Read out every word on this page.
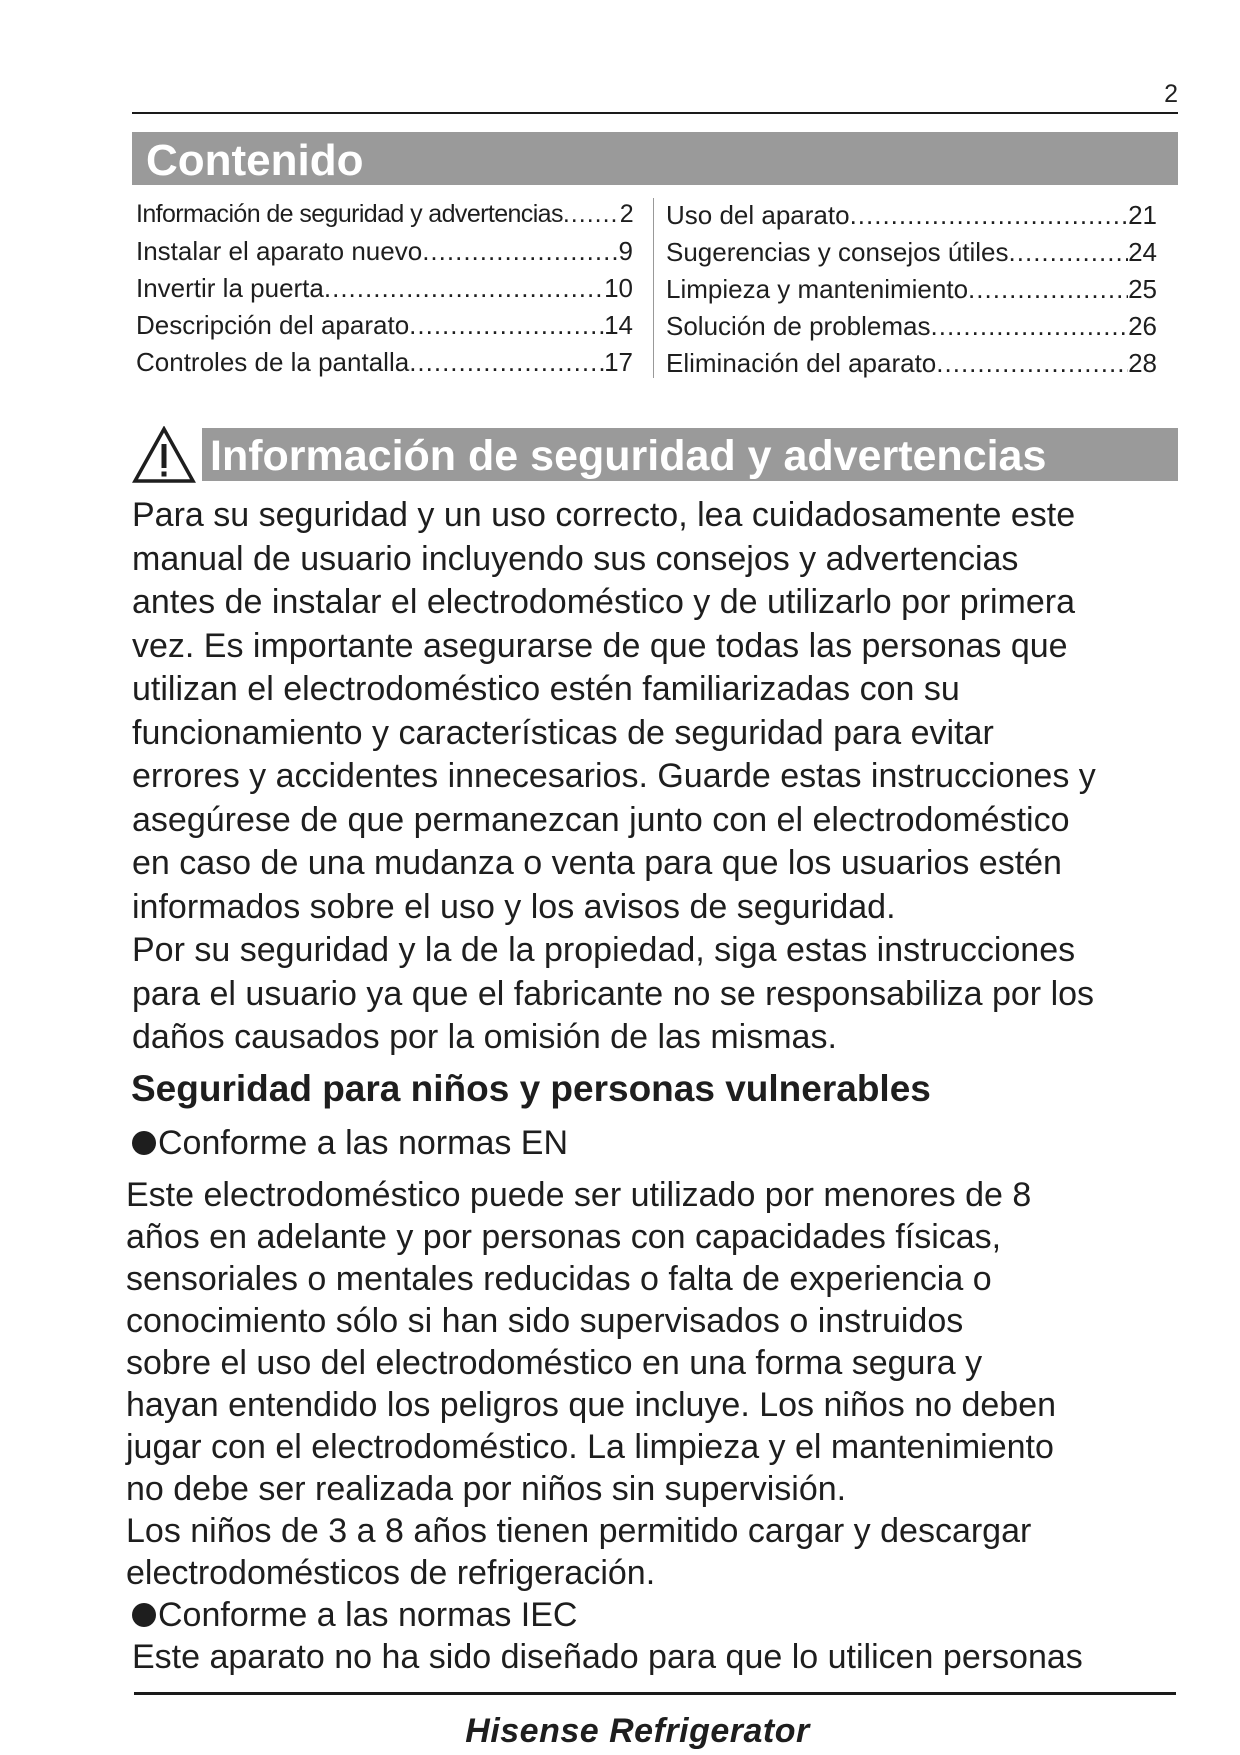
2
Contenido
Información de seguridad y advertencias ..... 2
Instalar el aparato nuevo .....	9
Invertir la puerta .....	10
Descripción del aparato .....	14
Controles de la pantalla .....	17
Uso del aparato .....	21
Sugerencias y consejos útiles .....	24
Limpieza y mantenimiento .....	25
Solución de problemas .....	26
Eliminación del aparato .....	28
Información de seguridad y advertencias
Para su seguridad y un uso correcto, lea cuidadosamente este
manual de usuario incluyendo sus consejos y advertencias
antes de instalar el electrodoméstico y de utilizarlo por primera
vez. Es importante asegurarse de que todas las personas que
utilizan el electrodoméstico estén familiarizadas con su
funcionamiento y características de seguridad para evitar
errores y accidentes innecesarios. Guarde estas instrucciones y
asegúrese de que permanezcan junto con el electrodoméstico
en caso de una mudanza o venta para que los usuarios estén
informados sobre el uso y los avisos de seguridad.
Por su seguridad y la de la propiedad, siga estas instrucciones
para el usuario ya que el fabricante no se responsabiliza por los
daños causados por la omisión de las mismas.
Seguridad para niños y personas vulnerables
Conforme a las normas EN
Este electrodoméstico puede ser utilizado por menores de 8
años en adelante y por personas con capacidades físicas,
sensoriales o mentales reducidas o falta de experiencia o
conocimiento sólo si han sido supervisados o instruidos
sobre el uso del electrodoméstico en una forma segura y
hayan entendido los peligros que incluye. Los niños no deben
jugar con el electrodoméstico. La limpieza y el mantenimiento
no debe ser realizada por niños sin supervisión.
Los niños de 3 a 8 años tienen permitido cargar y descargar
electrodomésticos de refrigeración.
Conforme a las normas IEC
Este aparato no ha sido diseñado para que lo utilicen personas
Hisense Refrigerator
